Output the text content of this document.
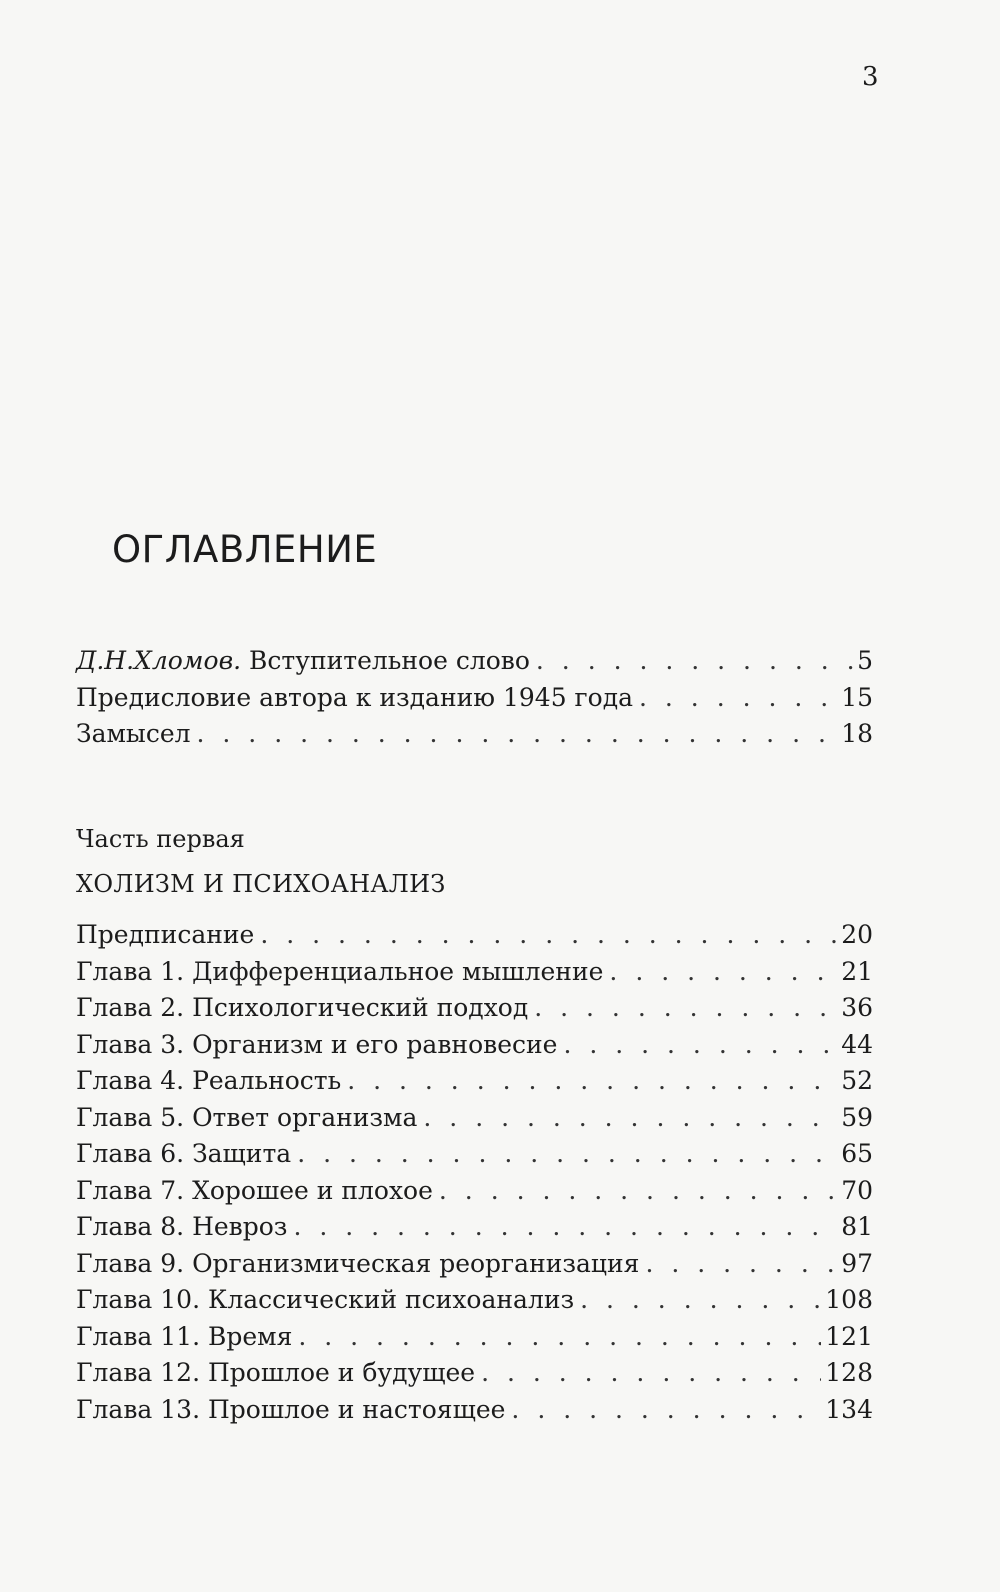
3
ОГЛАВЛЕНИЕ
Д.Н.Хломов. Вступительное слово . . .	5
Предисловие автора к изданию 1945 года . . .	15
Замысел . . .	18
Часть первая
ХОЛИЗМ И ПСИХОАНАЛИЗ
Предписание . . .	20
Глава 1. Дифференциальное мышление . . .	21
Глава 2. Психологический подход . . .	36
Глава 3. Организм и его равновесие . . .	44
Глава 4. Реальность . . .	52
Глава 5. Ответ организма . . .	59
Глава 6. Защита . . .	65
Глава 7. Хорошее и плохое . . .	70
Глава 8. Невроз . . .	81
Глава 9. Организмическая реорганизация . . .	97
Глава 10. Классический психоанализ . . .	108
Глава 11. Время . . .	121
Глава 12. Прошлое и будущее . . .	128
Глава 13. Прошлое и настоящее . . .	134
